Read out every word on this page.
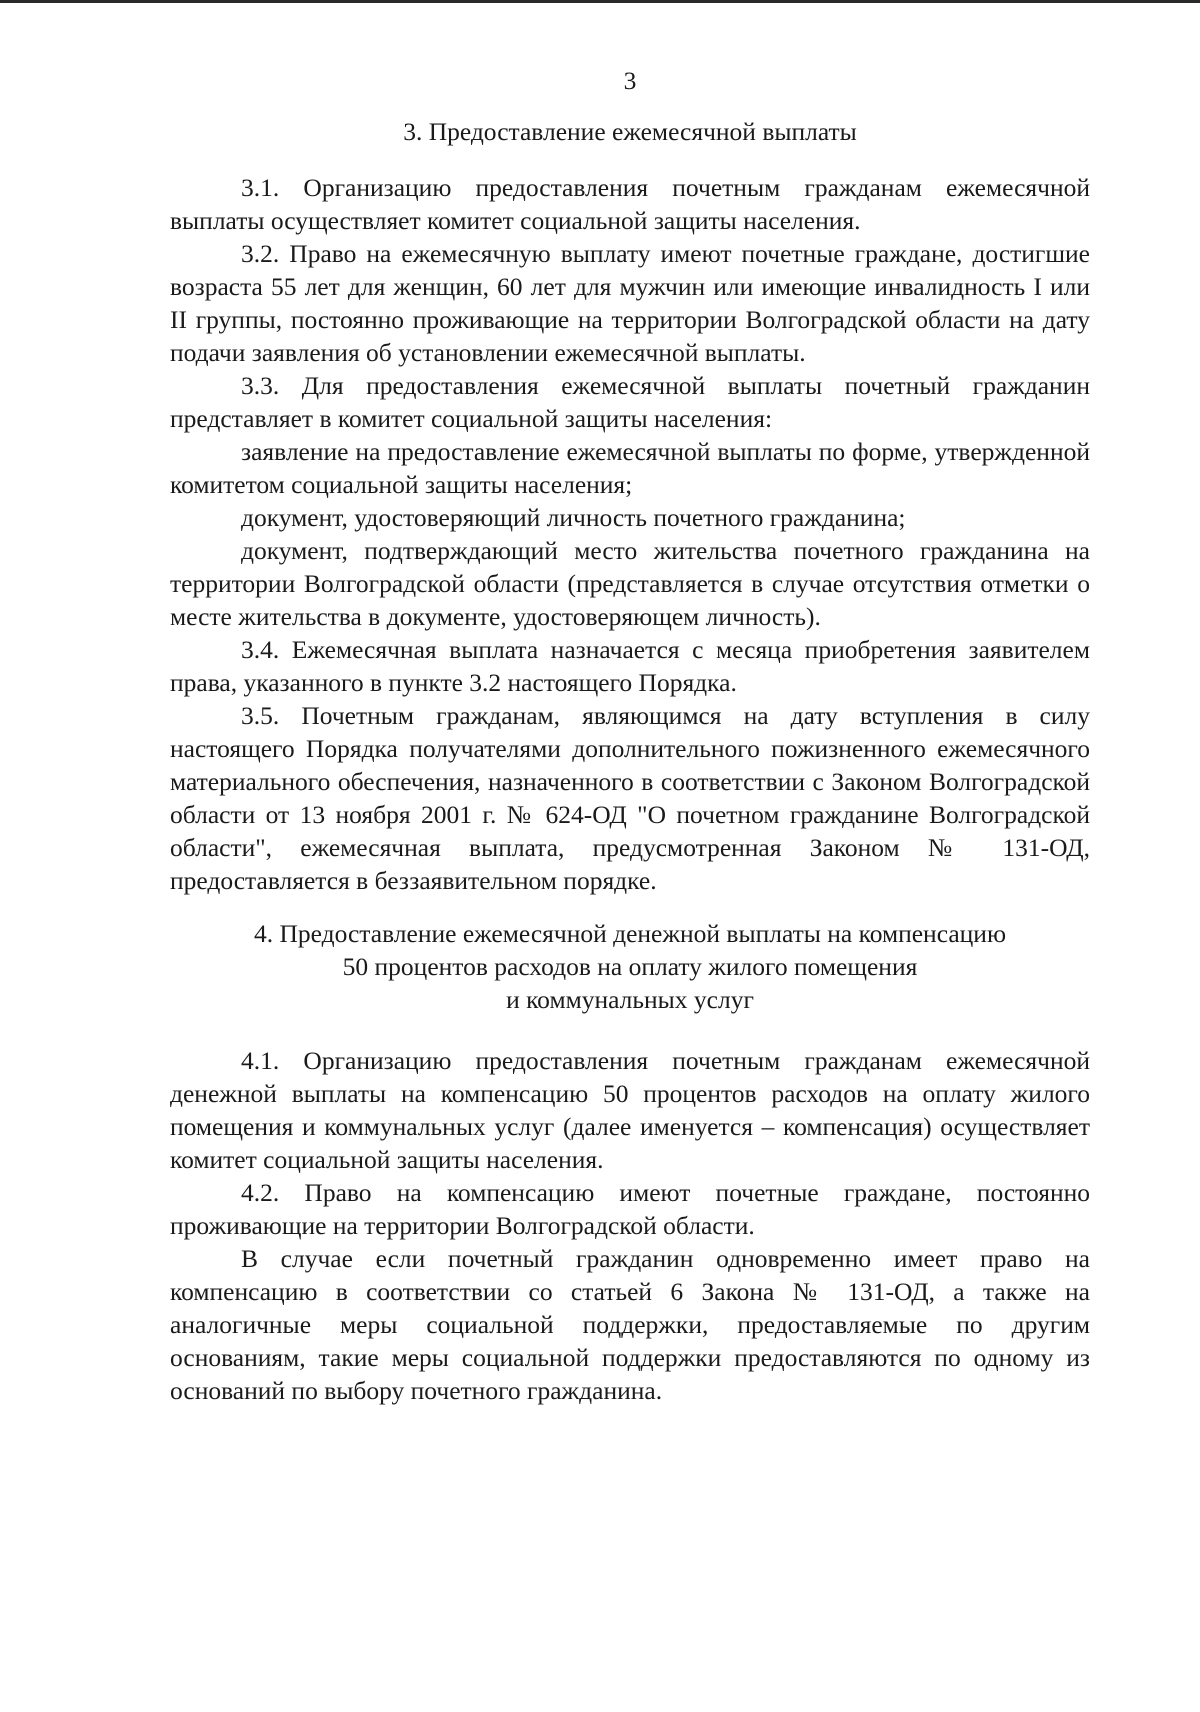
3
3. Предоставление ежемесячной выплаты

3.1. Организацию предоставления почетным гражданам ежемесячной выплаты осуществляет комитет социальной защиты населения.

3.2. Право на ежемесячную выплату имеют почетные граждане, достигшие возраста 55 лет для женщин, 60 лет для мужчин или имеющие инвалидность I или II группы, постоянно проживающие на территории Волгоградской области на дату подачи заявления об установлении ежемесячной выплаты.

3.3. Для предоставления ежемесячной выплаты почетный гражданин представляет в комитет социальной защиты населения:

заявление на предоставление ежемесячной выплаты по форме, утвержденной комитетом социальной защиты населения;

документ, удостоверяющий личность почетного гражданина;

документ, подтверждающий место жительства почетного гражданина на территории Волгоградской области (представляется в случае отсутствия отметки о месте жительства в документе, удостоверяющем личность).

3.4. Ежемесячная выплата назначается с месяца приобретения заявителем права, указанного в пункте 3.2 настоящего Порядка.

3.5. Почетным гражданам, являющимся на дату вступления в силу настоящего Порядка получателями дополнительного пожизненного ежемесячного материального обеспечения, назначенного в соответствии с Законом Волгоградской области от 13 ноября 2001 г. № 624-ОД "О почетном гражданине Волгоградской области", ежемесячная выплата, предусмотренная Законом № 131-ОД, предоставляется в беззаявительном порядке.

4. Предоставление ежемесячной денежной выплаты на компенсацию
50 процентов расходов на оплату жилого помещения
и коммунальных услуг

4.1. Организацию предоставления почетным гражданам ежемесячной денежной выплаты на компенсацию 50 процентов расходов на оплату жилого помещения и коммунальных услуг (далее именуется – компенсация) осуществляет комитет социальной защиты населения.

4.2. Право на компенсацию имеют почетные граждане, постоянно проживающие на территории Волгоградской области.

В случае если почетный гражданин одновременно имеет право на компенсацию в соответствии со статьей 6 Закона № 131-ОД, а также на аналогичные меры социальной поддержки, предоставляемые по другим основаниям, такие меры социальной поддержки предоставляются по одному из оснований по выбору почетного гражданина.
